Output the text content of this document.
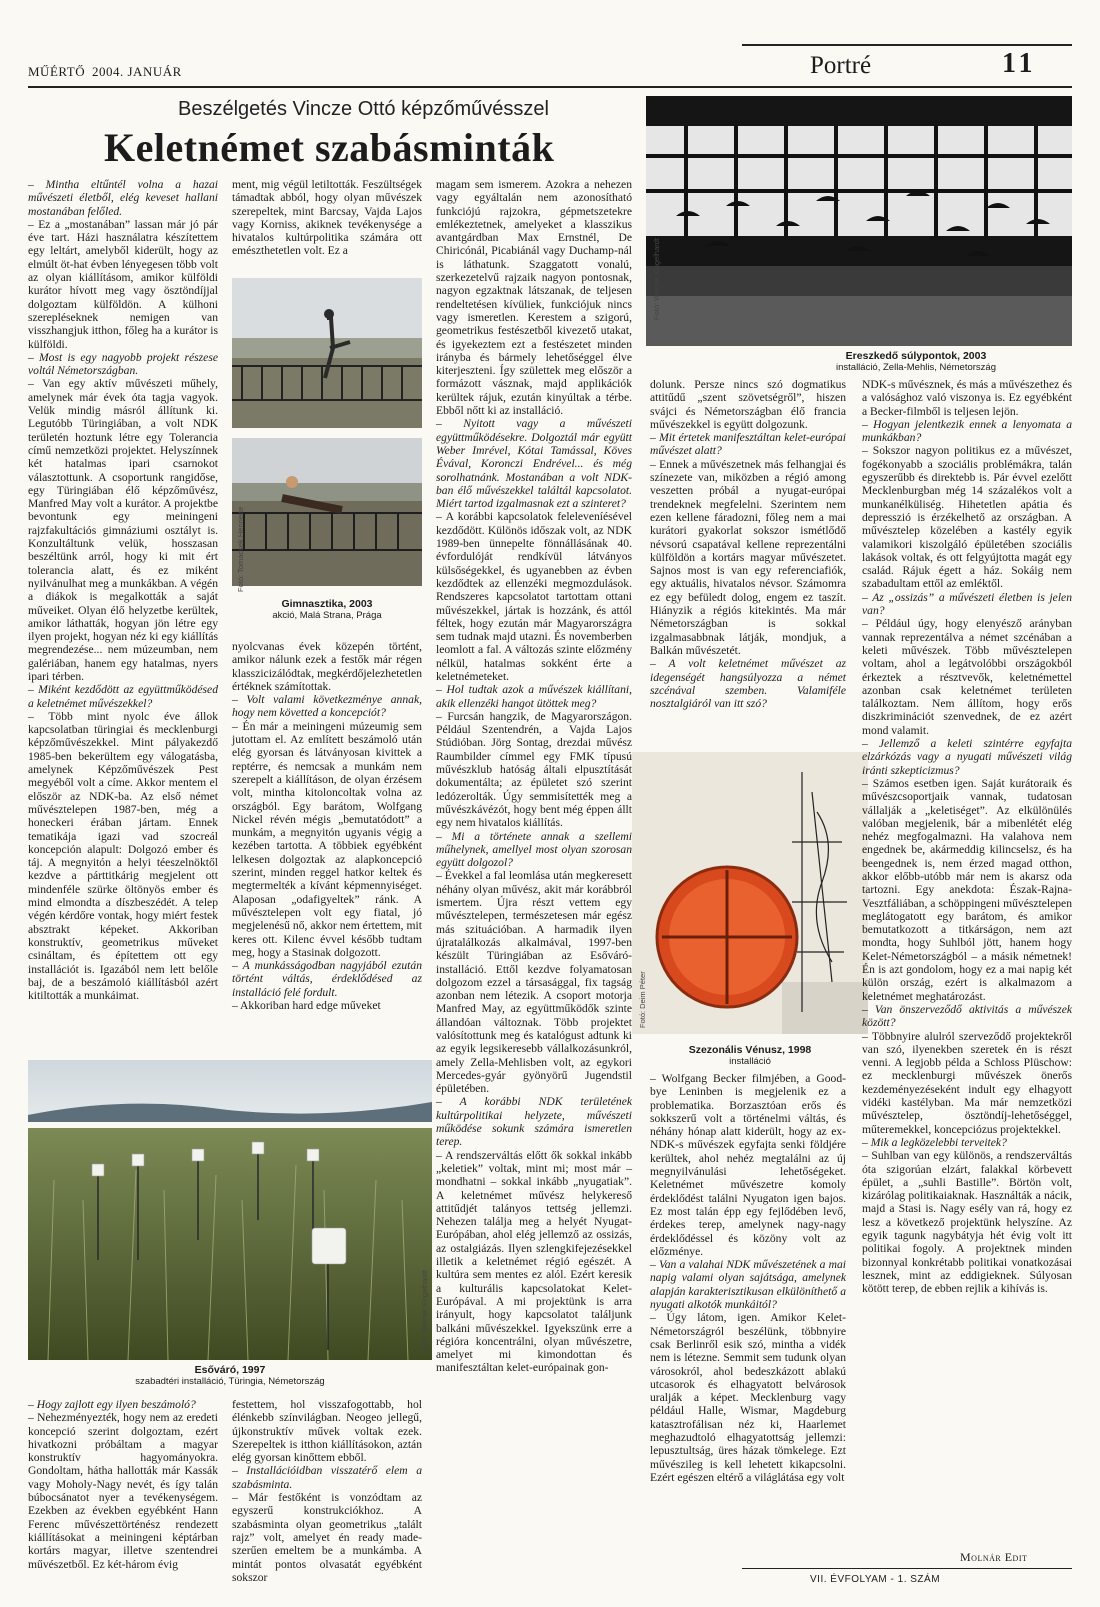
MŰÉRTŐ 2004. JANUÁR	Portré	11
Beszélgetés Vincze Ottó képzőművésszel
Keletnémet szabásminták

– Mintha eltűntél volna a hazai művészeti életből, elég keveset hallani mostanában felőled.

– Ez a „mostanában” lassan már jó pár éve tart. Házi használatra készítettem egy leltárt, amelyből kiderült, hogy az elmúlt öt-hat évben lényegesen több volt az olyan kiállításom, amikor külföldi kurátor hívott meg vagy ösztöndíjjal dolgoztam külföldön. A külhoni szerepléseknek nemigen van visszhangjuk itthon, főleg ha a kurátor is külföldi.

– Most is egy nagyobb projekt részese voltál Németországban.

– Van egy aktív művészeti műhely, amelynek már évek óta tagja vagyok. Velük mindig másról állítunk ki. Legutóbb Türingiában, a volt NDK területén hoztunk létre egy Tolerancia című nemzetközi projektet. Helyszínnek két hatalmas ipari csarnokot választottunk. A csoportunk rangidőse, egy Türingiában élő képzőművész, Manfred May volt a kurátor. A projektbe bevontunk egy meiningeni rajzfakultációs gimnáziumi osztályt is. Konzultáltunk velük, hosszasan beszéltünk arról, hogy ki mit ért tolerancia alatt, és ez miként nyilvánulhat meg a munkákban. A végén a diákok is megalkották a saját műveiket. Olyan élő helyzetbe kerültek, amikor láthatták, hogyan jön létre egy ilyen projekt, hogyan néz ki egy kiállítás megrendezése... nem múzeumban, nem galériában, hanem egy hatalmas, nyers ipari térben.

– Miként kezdődött az együttműködésed a keletnémet művészekkel?

– Több mint nyolc éve állok kapcsolatban türingiai és mecklenburgi képzőművészekkel. Mint pályakezdő 1985-ben bekerültem egy válogatásba, amelynek Képzőművészek Pest megyéből volt a címe. Akkor mentem el először az NDK-ba. Az első német művésztelepen 1987-ben, még a honeckeri érában jártam. Ennek tematikája igazi vad szocreál koncepción alapult: Dolgozó ember és táj. A megnyitón a helyi téeszelnöktől kezdve a párttitkárig megjelent ott mindenféle szürke öltönyös ember és mind elmondta a díszbeszédét. A telep végén kérdőre vontak, hogy miért festek absztrakt képeket. Akkoriban konstruktív, geometrikus műveket csináltam, és építettem ott egy installációt is. Igazából nem lett belőle baj, de a beszámoló kiállításból azért kitiltották a munkáimat.

ment, mig végül letiltották. Feszültségek támadtak abból, hogy olyan művészek szerepeltek, mint Barcsay, Vajda Lajos vagy Korniss, akiknek tevékenysége a hivatalos kultúrpolitika számára ott emészthetetlen volt. Ez a

Fotó: Tomacsek Henriette
Gimnasztika, 2003
akció, Malá Strana, Prága

nyolcvanas évek közepén történt, amikor nálunk ezek a festők már régen klasszicizálódtak, megkérdőjelezhetetlen értéknek számítottak.

– Volt valami következménye annak, hogy nem követted a koncepciót?

– Én már a meiningeni múzeumig sem jutottam el. Az említett beszámoló után elég gyorsan és látványosan kivittek a reptérre, és nemcsak a munkám nem szerepelt a kiállításon, de olyan érzésem volt, mintha kitoloncoltak volna az országból. Egy barátom, Wolfgang Nickel révén mégis „bemutatódott” a munkám, a megnyitón ugyanis végig a kezében tartotta. A többiek egyébként lelkesen dolgoztak az alapkoncepció szerint, minden reggel hatkor keltek és megtermelték a kívánt képmennyiséget. Alaposan „odafigyeltek” ránk. A művésztelepen volt egy fiatal, jó megjelenésű nő, akkor nem értettem, mit keres ott. Kilenc évvel később tudtam meg, hogy a Stasinak dolgozott.

– A munkásságodban nagyjából ezután történt váltás, érdeklődésed az installáció felé fordult.

– Akkoriban hard edge műveket

magam sem ismerem. Azokra a nehezen vagy egyáltalán nem azonosítható funkciójú rajzokra, gépmetszetekre emlékeztetnek, amelyeket a klasszikus avantgárdban Max Ernstnél, De Chiricónál, Picabiánál vagy Duchamp-nál is láthatunk. Szaggatott vonalú, szerkezetelvű rajzaik nagyon pontosnak, nagyon egzaktnak látszanak, de teljesen rendeltetésen kívüliek, funkciójuk nincs vagy ismeretlen. Kerestem a szigorú, geometrikus festészetből kivezető utakat, és igyekeztem ezt a festészetet minden irányba és bármely lehetőséggel élve kiterjeszteni. Így születtek meg először a formázott vásznak, majd applikációk kerültek rájuk, ezután kinyúltak a térbe. Ebből nőtt ki az installáció.

– Nyitott vagy a művészeti együttműködésekre. Dolgoztál már együtt Weber Imrével, Kótai Tamással, Köves Évával, Koronczi Endrével... és még sorolhatnánk. Mostanában a volt NDK-ban élő művészekkel találtál kapcsolatot. Miért tartod izgalmasnak ezt a szinteret?

– A korábbi kapcsolatok feleleveníésével kezdődött. Különös időszak volt, az NDK 1989-ben ünnepelte fönnállásának 40. évfordulóját rendkívül látványos külsőségekkel, és ugyanebben az évben kezdődtek az ellenzéki megmozdulások. Rendszeres kapcsolatot tartottam ottani művészekkel, jártak is hozzánk, és attól féltek, hogy ezután már Magyarországra sem tudnak majd utazni. És novemberben leomlott a fal. A változás szinte előzmény nélkül, hatalmas sokként érte a keletnémeteket.

– Hol tudtak azok a művészek kiállítani, akik ellenzéki hangot ütöttek meg?

– Furcsán hangzik, de Magyarországon. Például Szentendrén, a Vajda Lajos Stúdióban. Jörg Sontag, drezdai művész Raumbilder címmel egy FMK típusú művészklub hatóság általi elpusztítását dokumentálta; az épületet szó szerint ledózerolták. Úgy semmisítették meg a művészkávézót, hogy bent még éppen állt egy nem hivatalos kiállítás.

– Mi a története annak a szellemi műhelynek, amellyel most olyan szorosan együtt dolgozol?

– Évekkel a fal leomlása után megkeresett néhány olyan művész, akit már korábbról ismertem. Újra részt vettem egy művésztelepen, természetesen már egész más szituációban. A harmadik ilyen újratalálkozás alkalmával, 1997-ben készült Türingiában az Esőváró-installáció. Ettől kezdve folyamatosan dolgozom ezzel a társasággal, fix tagság azonban nem létezik. A csoport motorja Manfred May, az együttműködők szinte állandóan változnak. Több projektet valósítottunk meg és katalógust adtunk ki az egyik legsikeresebb vállalkozásunkról, amely Zella-Mehlisben volt, az egykori Mercedes-gyár gyönyörű Jugendstil épületében.

– A korábbi NDK területének kultúrpolitikai helyzete, művészeti működése sokunk számára ismeretlen terep.

– A rendszerváltás előtt ők sokkal inkább „keletiek” voltak, mint mi; most már – mondhatni – sokkal inkább „nyugatiak”. A keletnémet művész helykereső attitűdjét talányos tettség jellemzi. Nehezen találja meg a helyét Nyugat-Európában, ahol elég jellemző az ossizás, az ostalgiázás. Ilyen szlengkifejezésekkel illetik a keletnémet régió egészét. A kultúra sem mentes ez alól. Ezért keresik a kulturális kapcsolatokat Kelet-Európával. A mi projektünk is arra irányult, hogy kapcsolatot találjunk balkáni művészekkel. Igyekszünk erre a régióra koncentrálni, olyan művészetre, amelyet mi kimondottan és manifesztáltan kelet-európainak gon-

Fotó: Werner Engelhardt
Ereszkedő súlypontok, 2003
installáció, Zella-Mehlis, Németország

dolunk. Persze nincs szó dogmatikus attitűdű „szent szövetségről”, hiszen svájci és Németországban élő francia művészekkel is együtt dolgozunk.

– Mit értetek manifesztáltan kelet-európai művészet alatt?

– Ennek a művészetnek más felhangjai és színezete van, miközben a régió among veszetten próbál a nyugat-európai trendeknek megfelelni. Szerintem nem ezen kellene fáradozni, főleg nem a mai kurátori gyakorlat sokszor ismétlődő névsorú csapatával kellene reprezentálni külföldön a kortárs magyar művészetet. Sajnos most is van egy referenciafiók, egy aktuális, hivatalos névsor. Számomra ez egy befüledt dolog, engem ez taszít. Hiányzik a régiós kitekintés. Ma már Németországban is sokkal izgalmasabbnak látják, mondjuk, a Balkán művészetét.

– A volt keletnémet művészet az idegenségét hangsúlyozza a német szcénával szemben. Valamiféle nosztalgiáról van itt szó?

Fotó: Deim Péter
Szezonális Vénusz, 1998
installáció

– Wolfgang Becker filmjében, a Good-bye Leninben is megjelenik ez a problematika. Borzasztóan erős és sokkszerű volt a történelmi váltás, és néhány hónap alatt kiderült, hogy az ex-NDK-s művészek egyfajta senki földjére kerültek, ahol nehéz megtalálni az új megnyilvánulási lehetőségeket. Keletnémet művészetre komoly érdeklődést találni Nyugaton igen bajos. Ez most talán épp egy fejlődében levő, érdekes terep, amelynek nagy-nagy érdeklődéssel és közöny volt az előzménye.

– Van a valahai NDK művészetének a mai napig valami olyan sajátsága, amelynek alapján karakterisztikusan elkülöníthető a nyugati alkotók munkáitól?

– Úgy látom, igen. Amikor Kelet-Németországról beszélünk, többnyire csak Berlinről esik szó, mintha a vidék nem is létezne. Semmit sem tudunk olyan városokról, ahol bedeszkázott ablakú utcasorok és elhagyatott belvárosok uralják a képet. Mecklenburg vagy például Halle, Wismar, Magdeburg katasztrofálisan néz ki, Haarlemet meghazudtoló elhagyatottság jellemzi: lepusztultság, üres házak tömkelege. Ezt művészileg is kell lehetett kikapcsolni. Ezért egészen eltérő a világlátása egy volt

NDK-s művésznek, és más a művészethez és a valósághoz való viszonya is. Ez egyébként a Becker-filmből is teljesen lejön.

– Hogyan jelentkezik ennek a lenyomata a munkákban?

– Sokszor nagyon politikus ez a művészet, fogékonyabb a szociális problémákra, talán egyszerűbb és direktebb is. Pár évvel ezelőtt Mecklenburgban még 14 százalékos volt a munkanélküliség. Hihetetlen apátia és depresszió is érzékelhető az országban. A művésztelep közelében a kastély egyik valamikori kiszolgáló épületében szociális lakások voltak, és ott felgyújtotta magát egy család. Rájuk égett a ház. Sokáig nem szabadultam ettől az emléktől.

– Az „ossizás” a művészeti életben is jelen van?

– Például úgy, hogy elenyésző arányban vannak reprezentálva a német szcénában a keleti művészek. Több művésztelepen voltam, ahol a legátvolóbbi országokból érkeztek a résztvevők, keletnémettel azonban csak keletnémet területen találkoztam. Nem állítom, hogy erős diszkriminációt szenvednek, de ez azért mond valamit.

– Jellemző a keleti szintérre egyfajta elzárkózás vagy a nyugati művészeti világ iránti szkepticizmus?

– Számos esetben igen. Saját kurátoraik és művészcsoportjaik vannak, tudatosan vállalják a „keletiséget”. Az elkülönülés valóban megjelenik, bár a mibenlétét elég nehéz megfogalmazni. Ha valahova nem engednek be, akármeddig kilincselsz, és ha beengednek is, nem érzed magad otthon, akkor előbb-utóbb már nem is akarsz oda tartozni. Egy anekdota: Észak-Rajna-Vesztfáliában, a schöppingeni művésztelepen meglátogatott egy barátom, és amikor bemutatkozott a titkárságon, nem azt mondta, hogy Suhlból jött, hanem hogy Kelet-Németországból – a másik németnek! Én is azt gondolom, hogy ez a mai napig két külön ország, ezért is alkalmazom a keletnémet meghatározást.

– Van önszerveződő aktivitás a művészek között?

– Többnyire alulról szerveződő projektekről van szó, ilyenekben szeretek én is részt venni. A legjobb példa a Schloss Plüschow: ez mecklenburgi művészek önerős kezdeményezéseként indult egy elhagyott vidéki kastélyban. Ma már nemzetközi művésztelep, ösztöndíj-lehetőséggel, műteremekkel, koncepciózus projektekkel.

– Mik a legközelebbi terveitek?

– Suhlban van egy különös, a rendszerváltás óta szigorúan elzárt, falakkal körbevett épület, a „suhli Bastille”. Börtön volt, kizárólag politikaiaknak. Használták a nácik, majd a Stasi is. Nagy esély van rá, hogy ez lesz a következő projektünk helyszíne. Az egyik tagunk nagybátyja hét évig volt itt politikai fogoly. A projektnek minden bizonnyal konkrétabb politikai vonatkozásai lesznek, mint az eddigieknek. Súlyosan kötött terep, de ebben rejlik a kihívás is.

Fotó: Werner Engelhardt
Esőváró, 1997
szabadtéri installáció, Türingia, Németország

– Hogy zajlott egy ilyen beszámoló?

– Nehezményezték, hogy nem az eredeti koncepció szerint dolgoztam, ezért hivatkozni próbáltam a magyar konstruktív hagyományokra. Gondoltam, hátha hallották már Kassák vagy Moholy-Nagy nevét, és így talán búbocsánatot nyer a tevékenységem. Ezekben az években egyébként Hann Ferenc művészettörténész rendezett kiállításokat a meiningeni képtárban kortárs magyar, illetve szentendrei művészetből. Ez két-három évig

festettem, hol visszafogottabb, hol élénkebb színvilágban. Neogeo jellegű, újkonstruktív művek voltak ezek. Szerepeltek is itthon kiállításokon, aztán elég gyorsan kinőttem ebből.

– Installációidban visszatérő elem a szabásminta.

– Már festőként is vonzódtam az egyszerű konstrukciókhoz. A szabásminta olyan geometrikus „talált rajz” volt, amelyet én ready made-szerűen emeltem be a munkámba. A mintát pontos olvasatát egyébként sokszor

Molnár Edit
VII. ÉVFOLYAM - 1. SZÁM
